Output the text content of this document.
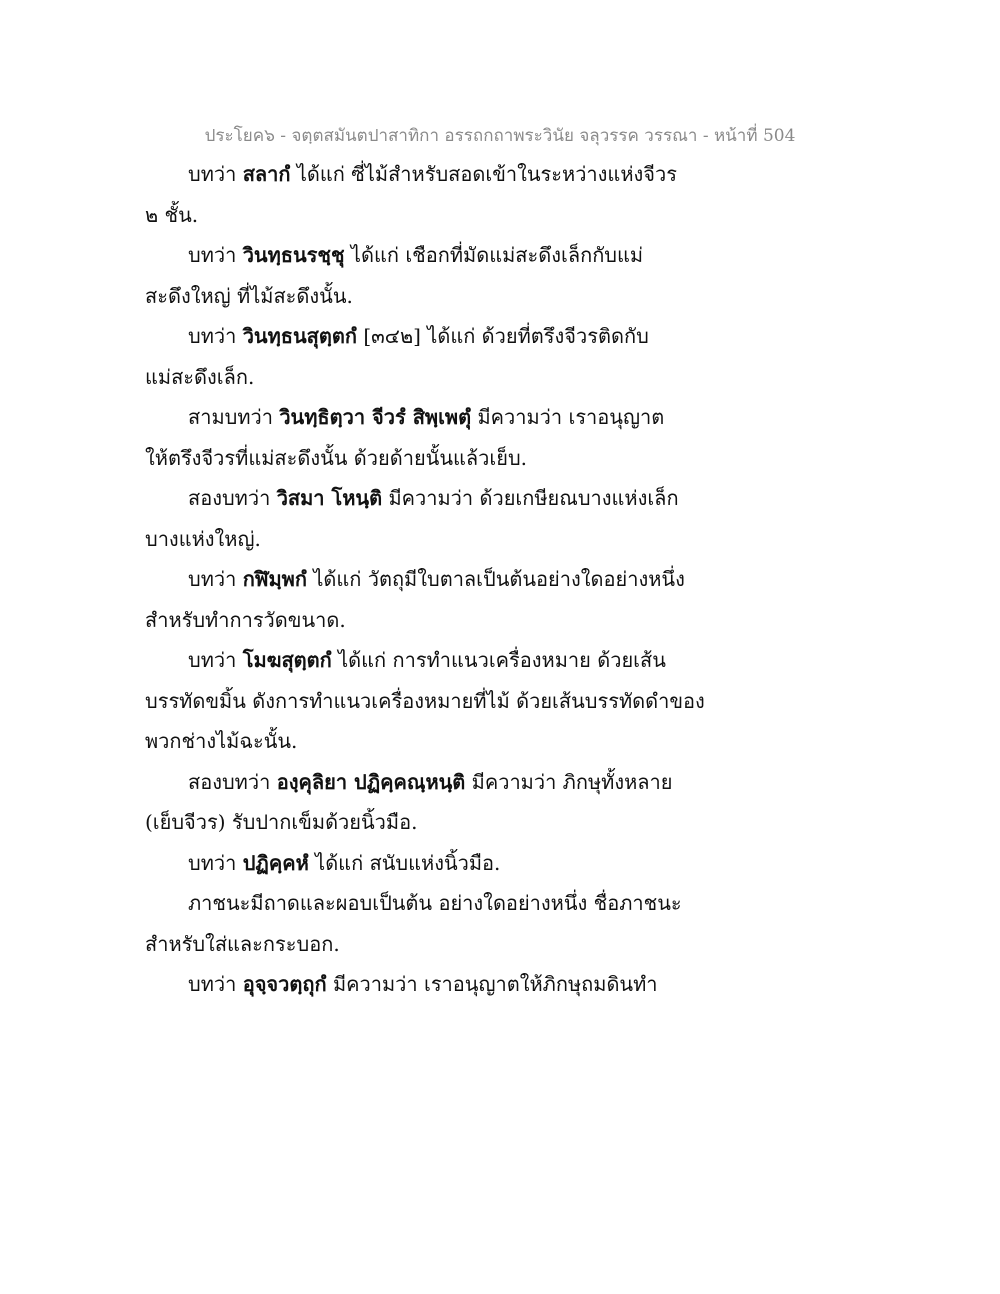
ประโยค๖ - จตฺตสมันตปาสาทิกา อรรถกถาพระวินัย จลุวรรค วรรณา - หน้าที่ 504
บทว่า สลากํ ได้แก่ ซี่ไม้สำหรับสอดเข้าในระหว่างแห่งจีวร
๒ ชั้น.
บทว่า วินทฺธนรชฺชุ ได้แก่ เชือกที่มัดแม่สะดึงเล็กกับแม่
สะดึงใหญ่ ที่ไม้สะดึงนั้น.
บทว่า วินทฺธนสุตฺตกํ [๓๔๒] ได้แก่ ด้วยที่ตรึงจีวรติดกับ
แม่สะดึงเล็ก.
สามบทว่า วินทฺธิตฺวา จีวรํ สิพฺเพตุํ มีความว่า เราอนุญาต
ให้ตรึงจีวรที่แม่สะดึงนั้น ด้วยด้ายนั้นแล้วเย็บ.
สองบทว่า วิสมา โหนฺติ มีความว่า ด้วยเกษียณบางแห่งเล็ก
บางแห่งใหญ่.
บทว่า กฬิมฺพกํ ได้แก่ วัตถุมีใบตาลเป็นต้นอย่างใดอย่างหนึ่ง
สำหรับทำการวัดขนาด.
บทว่า โมฆสุตฺตกํ ได้แก่ การทำแนวเครื่องหมาย ด้วยเส้น
บรรทัดขมิ้น ดังการทำแนวเครื่องหมายที่ไม้ ด้วยเส้นบรรทัดดำของ
พวกช่างไม้ฉะนั้น.
สองบทว่า องฺคุลิยา ปฏิคฺคณฺหนฺติ มีความว่า ภิกษุทั้งหลาย
(เย็บจีวร) รับปากเข็มด้วยนิ้วมือ.
บทว่า ปฏิคฺคหํ ได้แก่ สนับแห่งนิ้วมือ.
ภาชนะมีถาดและผอบเป็นต้น อย่างใดอย่างหนึ่ง ชื่อภาชนะ
สำหรับใส่และกระบอก.
บทว่า อุจฺจวตฺถุกํ มีความว่า เราอนุญาตให้ภิกษุถมดินทำ
